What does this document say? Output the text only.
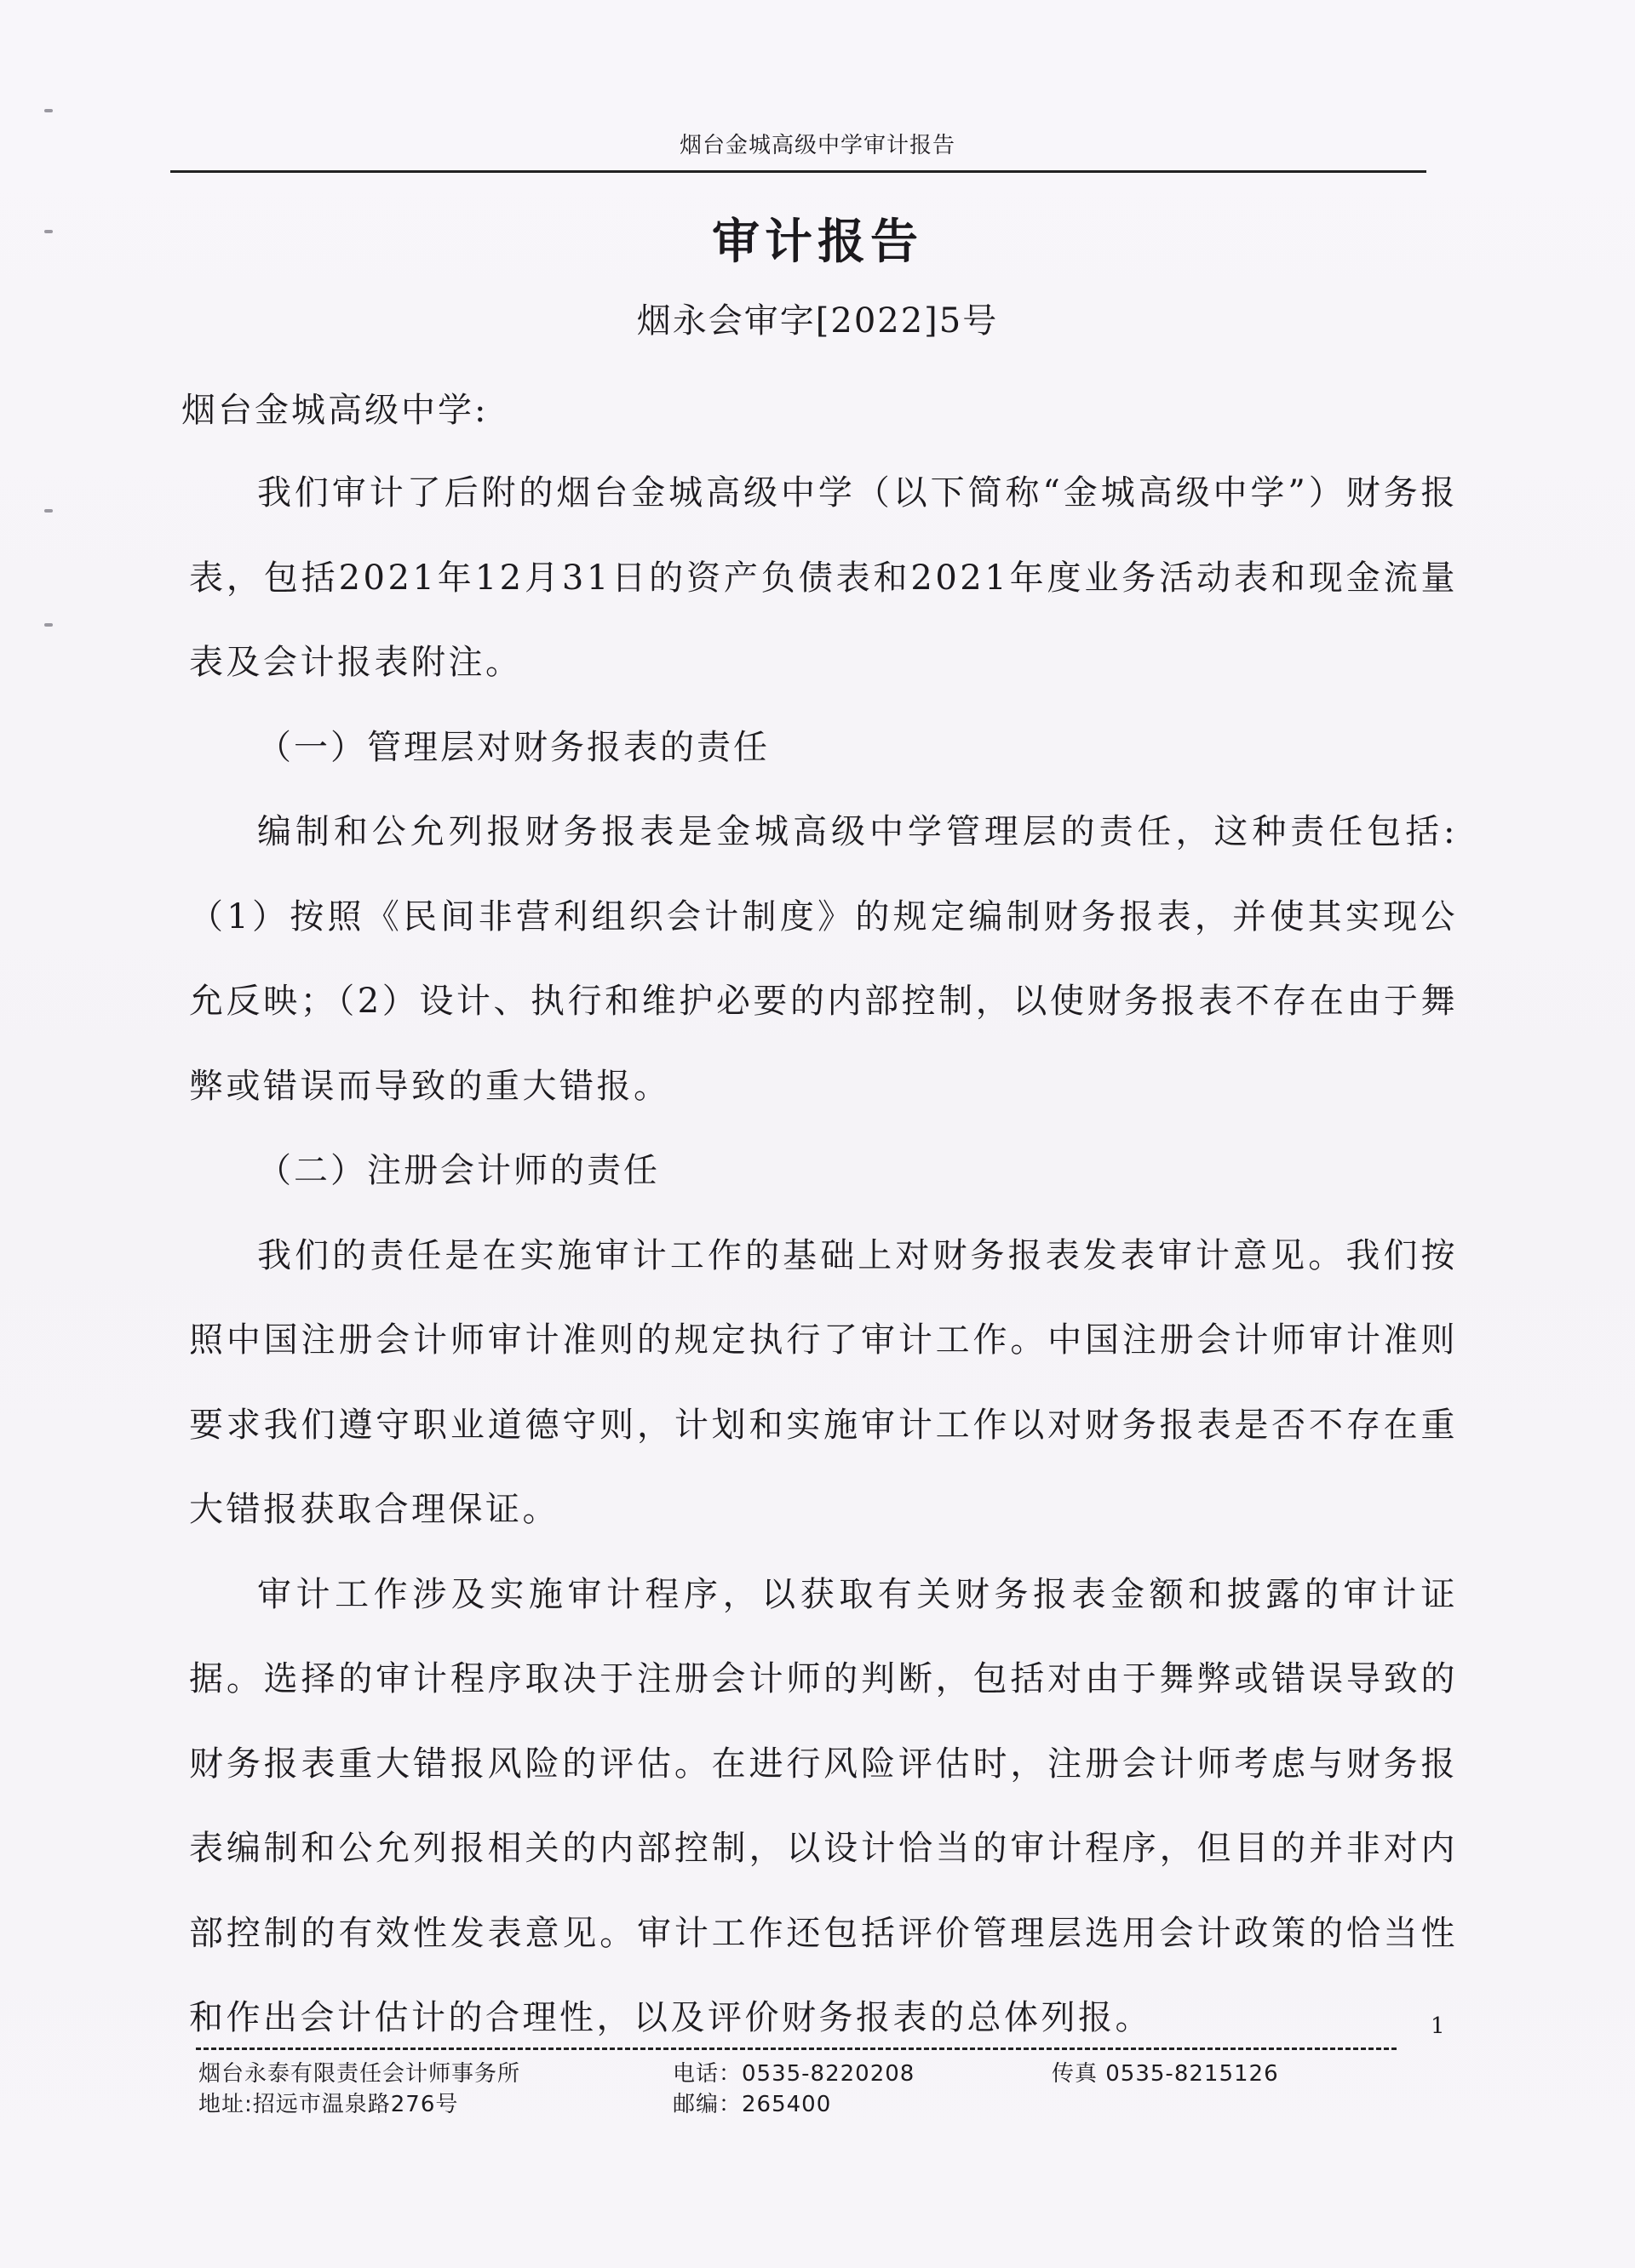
烟台金城高级中学审计报告
审计报告
烟永会审字[2022]5号
烟台金城高级中学:

我们审计了后附的烟台金城高级中学（以下简称“金城高级中学”）财务报表，包括2021年12月31日的资产负债表和2021年度业务活动表和现金流量表及会计报表附注。

（一）管理层对财务报表的责任

编制和公允列报财务报表是金城高级中学管理层的责任，这种责任包括:（1）按照《民间非营利组织会计制度》的规定编制财务报表，并使其实现公允反映；（2）设计、执行和维护必要的内部控制，以使财务报表不存在由于舞弊或错误而导致的重大错报。

（二）注册会计师的责任

我们的责任是在实施审计工作的基础上对财务报表发表审计意见。我们按照中国注册会计师审计准则的规定执行了审计工作。中国注册会计师审计准则要求我们遵守职业道德守则，计划和实施审计工作以对财务报表是否不存在重大错报获取合理保证。

审计工作涉及实施审计程序，以获取有关财务报表金额和披露的审计证据。选择的审计程序取决于注册会计师的判断，包括对由于舞弊或错误导致的财务报表重大错报风险的评估。在进行风险评估时，注册会计师考虑与财务报表编制和公允列报相关的内部控制，以设计恰当的审计程序，但目的并非对内部控制的有效性发表意见。审计工作还包括评价管理层选用会计政策的恰当性和作出会计估计的合理性，以及评价财务报表的总体列报。	1
烟台永泰有限责任会计师事务所
地址:招远市温泉路276号
电话：0535-8220208
邮编：265400
传真 0535-8215126
